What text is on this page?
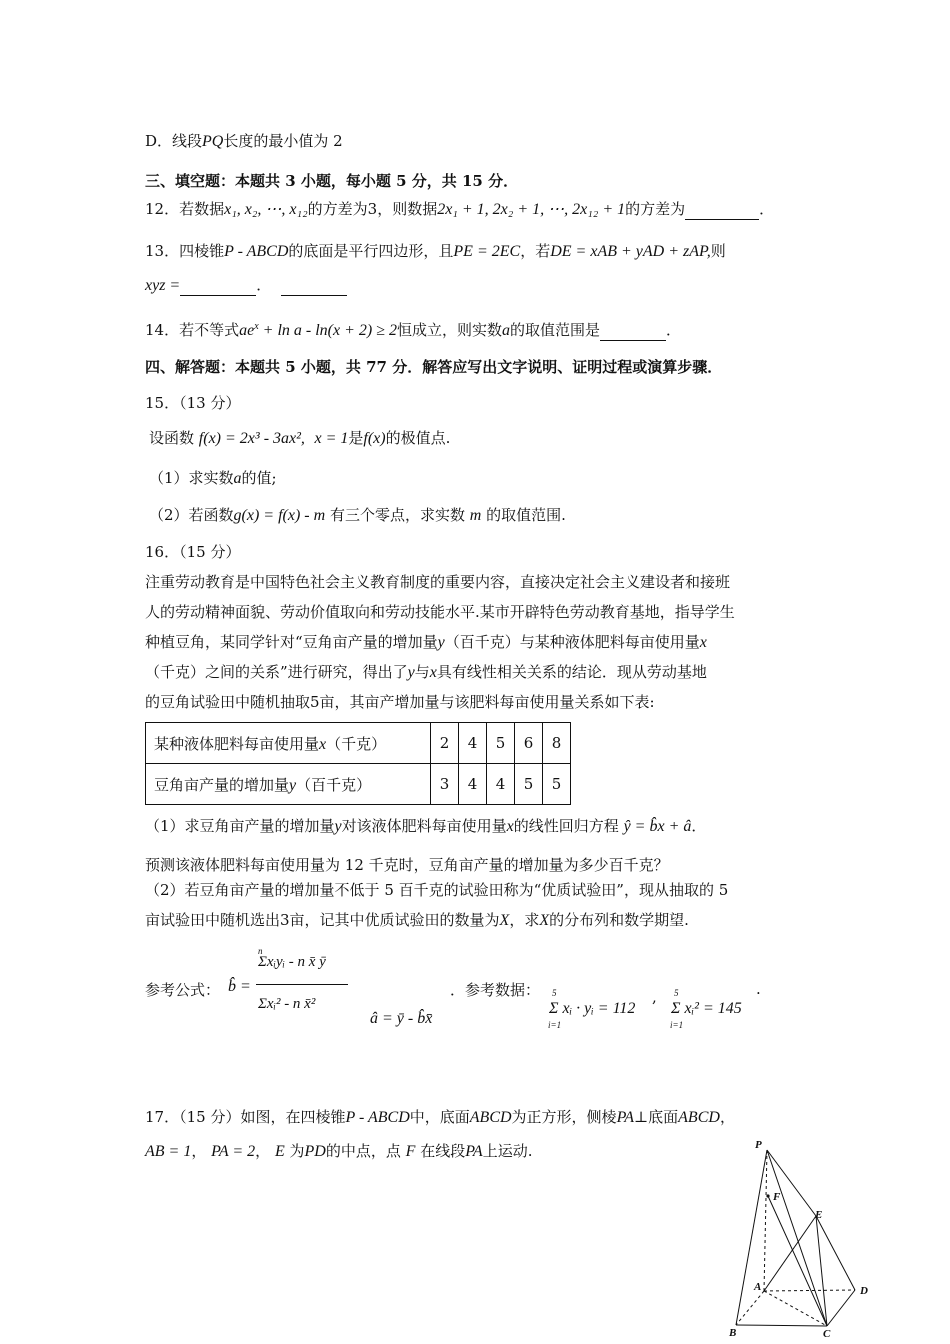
D．线段PQ长度的最小值为 2
三、填空题：本题共 3 小题，每小题 5 分，共 15 分．
12．若数据x₁, x₂, ⋯, x₁₂的方差为3，则数据2x₁ + 1, 2x₂ + 1, ⋯, 2x₁₂ + 1的方差为	．
13．四棱锥P - ABCD的底面是平行四边形，且PE = 2EC，若DE = xAB + yAD + zAP,则
xyz =	．
14．若不等式$ae^x + \ln a - \ln(x + 2) \ge 2$恒成立，则实数a的取值范围是	．
四、解答题：本题共 5 小题，共 77 分．解答应写出文字说明、证明过程或演算步骤．
15．（13 分）
设函数 f(x) = 2x³ - 3ax², x = 1是f(x)的极值点.
（1）求实数a的值;
（2）若函数g(x) = f(x) - m 有三个零点，求实数 m 的取值范围.
16．（15 分）
注重劳动教育是中国特色社会主义教育制度的重要内容，直接决定社会主义建设者和接班
人的劳动精神面貌、劳动价值取向和劳动技能水平.某市开辟特色劳动教育基地，指导学生
种植豆角，某同学针对“豆角亩产量的增加量y（百千克）与某种液体肥料每亩使用量x
（千克）之间的关系”进行研究，得出了y与x具有线性相关关系的结论．现从劳动基地
的豆角试验田中随机抽取5亩，其亩产增加量与该肥料每亩使用量关系如下表:
某种液体肥料每亩使用量x（千克）	2	4	5	6	8
豆角亩产量的增加量y（百千克）	3	4	4	5	5
（1）求豆角亩产量的增加量y对该液体肥料每亩使用量x的线性回归方程 ŷ = b̂x + â．
预测该液体肥料每亩使用量为 12 千克时，豆角亩产量的增加量为多少百千克？
（2）若豆角亩产量的增加量不低于 5 百千克的试验田称为“优质试验田”，现从抽取的 5
亩试验田中随机选出3亩，记其中优质试验田的数量为X，求X的分布列和数学期望.
参考公式： b̂ =
n
Σxᵢyᵢ - n x̄ ȳ
Σxᵢ² - n x̄²
â = ȳ - b̂x̄
．参考数据： 5
i=1
Σ xᵢ · yᵢ = 112
, 5
i=1
Σ xᵢ² = 145
.
17．（15 分）如图，在四棱锥P - ABCD中，底面ABCD为正方形，侧棱PA⊥底面ABCD，
AB = 1， PA = 2， E 为PD的中点，点 F 在线段PA上运动.	P
F
E
A	D
B	C
